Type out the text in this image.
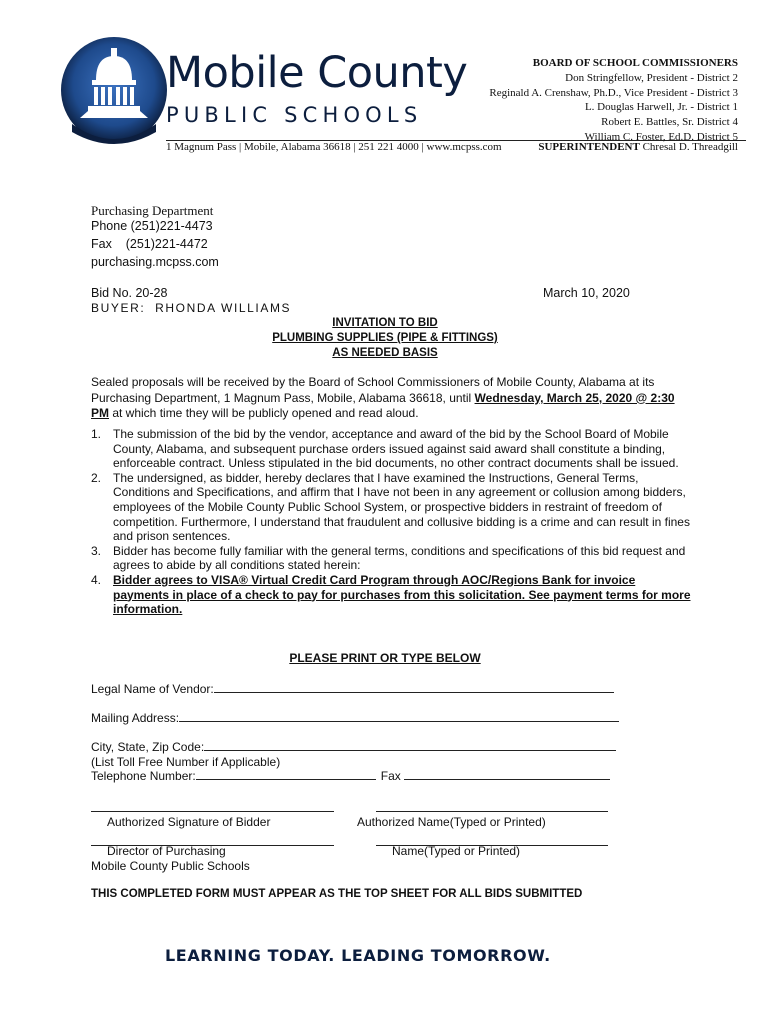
Mobile County
PUBLIC SCHOOLS
1 Magnum Pass | Mobile, Alabama 36618 | 251 221 4000 | www.mcpss.com
BOARD OF SCHOOL COMMISSIONERS
Don Stringfellow, President - District 2
Reginald A. Crenshaw, Ph.D., Vice President - District 3
L. Douglas Harwell, Jr. - District 1
Robert E. Battles, Sr. District 4
William C. Foster, Ed.D. District 5
SUPERINTENDENT Chresal D. Threadgill
Purchasing Department
Phone (251)221-4473
Fax    (251)221-4472
purchasing.mcpss.com
Bid No. 20-28	March 10, 2020
BUYER:  RHONDA WILLIAMS
INVITATION TO BID
PLUMBING SUPPLIES (PIPE & FITTINGS)
AS NEEDED BASIS
Sealed proposals will be received by the Board of School Commissioners of Mobile County, Alabama at its Purchasing Department, 1 Magnum Pass, Mobile, Alabama 36618, until Wednesday, March 25, 2020 @ 2:30 PM at which time they will be publicly opened and read aloud.
1. The submission of the bid by the vendor, acceptance and award of the bid by the School Board of Mobile County, Alabama, and subsequent purchase orders issued against said award shall constitute a binding, enforceable contract. Unless stipulated in the bid documents, no other contract documents shall be issued.
2. The undersigned, as bidder, hereby declares that I have examined the Instructions, General Terms, Conditions and Specifications, and affirm that I have not been in any agreement or collusion among bidders, employees of the Mobile County Public School System, or prospective bidders in restraint of freedom of competition. Furthermore, I understand that fraudulent and collusive bidding is a crime and can result in fines and prison sentences.
3. Bidder has become fully familiar with the general terms, conditions and specifications of this bid request and agrees to abide by all conditions stated herein:
4. Bidder agrees to VISA® Virtual Credit Card Program through AOC/Regions Bank for invoice payments in place of a check to pay for purchases from this solicitation. See payment terms for more information.
PLEASE PRINT OR TYPE BELOW
Legal Name of Vendor:
Mailing Address:
City, State, Zip Code:
(List Toll Free Number if Applicable)
Telephone Number:	Fax
Authorized Signature of Bidder	Authorized Name(Typed or Printed)
Director of Purchasing
Mobile County Public Schools
Name(Typed or Printed)
THIS COMPLETED FORM MUST APPEAR AS THE TOP SHEET FOR ALL BIDS SUBMITTED
LEARNING TODAY. LEADING TOMORROW.
